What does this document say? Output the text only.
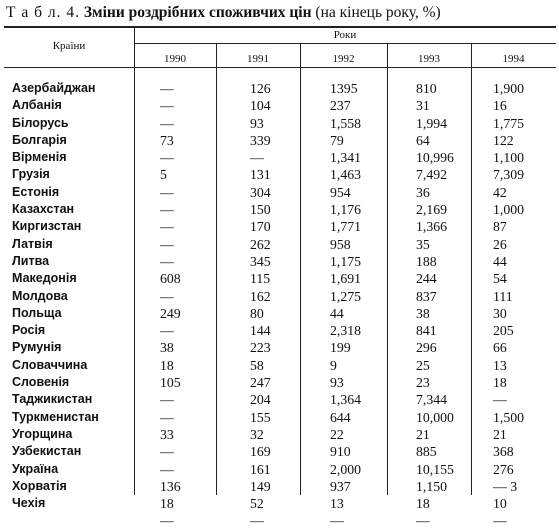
Т а б л. 4. Зміни роздрібних споживчих цін (на кінець року, %)
Країни
Роки
1990	1991	1992	1993	1994
Азербайджан	—	126	1395	810	1,900
Албанія	—	104	237	31	16
Білорусь	—	93	1,558	1,994	1,775
Болгарія	73	339	79	64	122
Вірменія	—	—	1,341	10,996	1,100
Грузія	5	131	1,463	7,492	7,309
Естонія	—	304	954	36	42
Казахстан	—	150	1,176	2,169	1,000
Киргизстан	—	170	1,771	1,366	87
Латвія	—	262	958	35	26
Литва	—	345	1,175	188	44
Македонія	608	115	1,691	244	54
Молдова	—	162	1,275	837	111
Польща	249	80	44	38	30
Росія	—	144	2,318	841	205
Румунія	38	223	199	296	66
Словаччина	18	58	9	25	13
Словенія	105	247	93	23	18
Таджикистан	—	204	1,364	7,344	—
Туркменистан	—	155	644	10,000	1,500
Угорщина	33	32	22	21	21
Узбекистан	—	169	910	885	368
Україна	—	161	2,000	10,155	276
Хорватія	136	149	937	1,150	— 3
Чехія	18	52	13	18	10
—	—	—	—	—
